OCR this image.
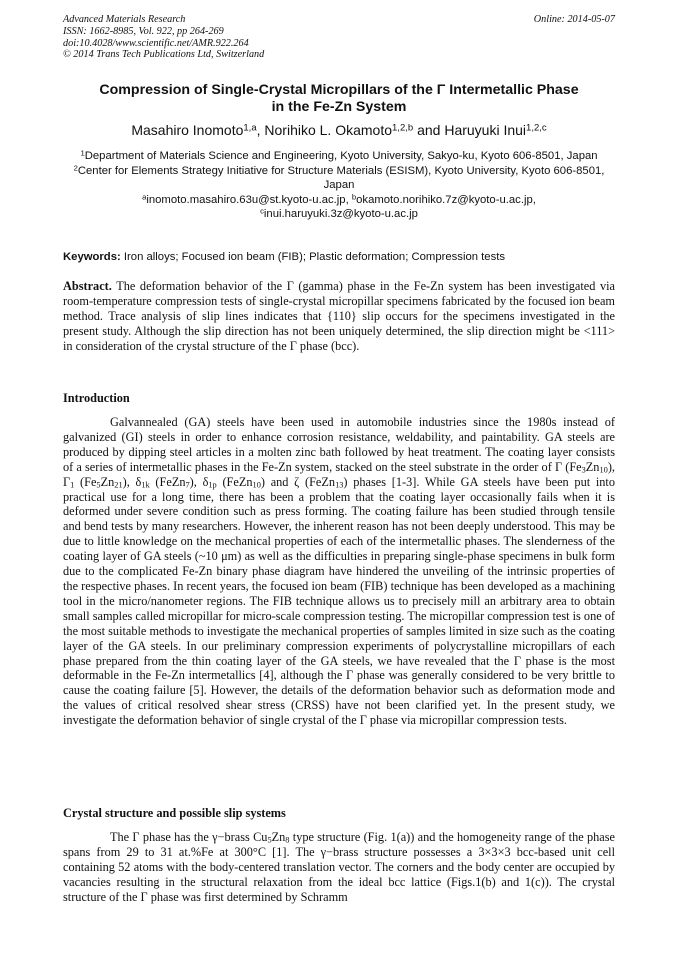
Advanced Materials Research
ISSN: 1662-8985, Vol. 922, pp 264-269
doi:10.4028/www.scientific.net/AMR.922.264
© 2014 Trans Tech Publications Ltd, Switzerland
Online: 2014-05-07
Compression of Single-Crystal Micropillars of the Γ Intermetallic Phase
in the Fe-Zn System
Masahiro Inomoto$^{1,a}$, Norihiko L. Okamoto$^{1,2,b}$ and Haruyuki Inui$^{1,2,c}$
$^1$Department of Materials Science and Engineering, Kyoto University, Sakyo-ku, Kyoto 606-8501, Japan
$^2$Center for Elements Strategy Initiative for Structure Materials (ESISM), Kyoto University, Kyoto 606-8501, Japan
$^a$inomoto.masahiro.63u@st.kyoto-u.ac.jp, $^b$okamoto.norihiko.7z@kyoto-u.ac.jp,
$^c$inui.haruyuki.3z@kyoto-u.ac.jp
Keywords: Iron alloys; Focused ion beam (FIB); Plastic deformation; Compression tests
Abstract. The deformation behavior of the Γ (gamma) phase in the Fe-Zn system has been investigated via room-temperature compression tests of single-crystal micropillar specimens fabricated by the focused ion beam method. Trace analysis of slip lines indicates that {110} slip occurs for the specimens investigated in the present study. Although the slip direction has not been uniquely determined, the slip direction might be <111> in consideration of the crystal structure of the Γ phase (bcc).
Introduction
Galvannealed (GA) steels have been used in automobile industries since the 1980s instead of galvanized (GI) steels in order to enhance corrosion resistance, weldability, and paintability. GA steels are produced by dipping steel articles in a molten zinc bath followed by heat treatment. The coating layer consists of a series of intermetallic phases in the Fe-Zn system, stacked on the steel substrate in the order of Γ $(Fe_3Zn_{10})$, $\Gamma_1$ $(Fe_5Zn_{21})$, $\delta_{1k}$ (FeZn$_7$), $\delta_{1p}$ (FeZn$_{10}$) and ζ (FeZn$_{13}$) phases [1-3]. While GA steels have been put into practical use for a long time, there has been a problem that the coating layer occasionally fails when it is deformed under severe condition such as press forming. The coating failure has been studied through tensile and bend tests by many researchers. However, the inherent reason has not been deeply understood. This may be due to little knowledge on the mechanical properties of each of the intermetallic phases. The slenderness of the coating layer of GA steels (~10 μm) as well as the difficulties in preparing single-phase specimens in bulk form due to the complicated Fe-Zn binary phase diagram have hindered the unveiling of the intrinsic properties of the respective phases. In recent years, the focused ion beam (FIB) technique has been developed as a machining tool in the micro/nanometer regions. The FIB technique allows us to precisely mill an arbitrary area to obtain small samples called micropillar for micro-scale compression testing. The micropillar compression test is one of the most suitable methods to investigate the mechanical properties of samples limited in size such as the coating layer of the GA steels. In our preliminary compression experiments of polycrystalline micropillars of each phase prepared from the thin coating layer of the GA steels, we have revealed that the Γ phase is the most deformable in the Fe-Zn intermetallics [4], although the Γ phase was generally considered to be very brittle to cause the coating failure [5]. However, the details of the deformation behavior such as deformation mode and the values of critical resolved shear stress (CRSS) have not been clarified yet. In the present study, we investigate the deformation behavior of single crystal of the Γ phase via micropillar compression tests.
Crystal structure and possible slip systems
The Γ phase has the γ−brass $Cu_5Zn_8$ type structure (Fig. 1(a)) and the homogeneity range of the phase spans from 29 to 31 at.%Fe at 300°C [1]. The γ−brass structure possesses a 3×3×3 bcc-based unit cell containing 52 atoms with the body-centered translation vector. The corners and the body center are occupied by vacancies resulting in the structural relaxation from the ideal bcc lattice (Figs.1(b) and 1(c)). The crystal structure of the Γ phase was first determined by Schramm
